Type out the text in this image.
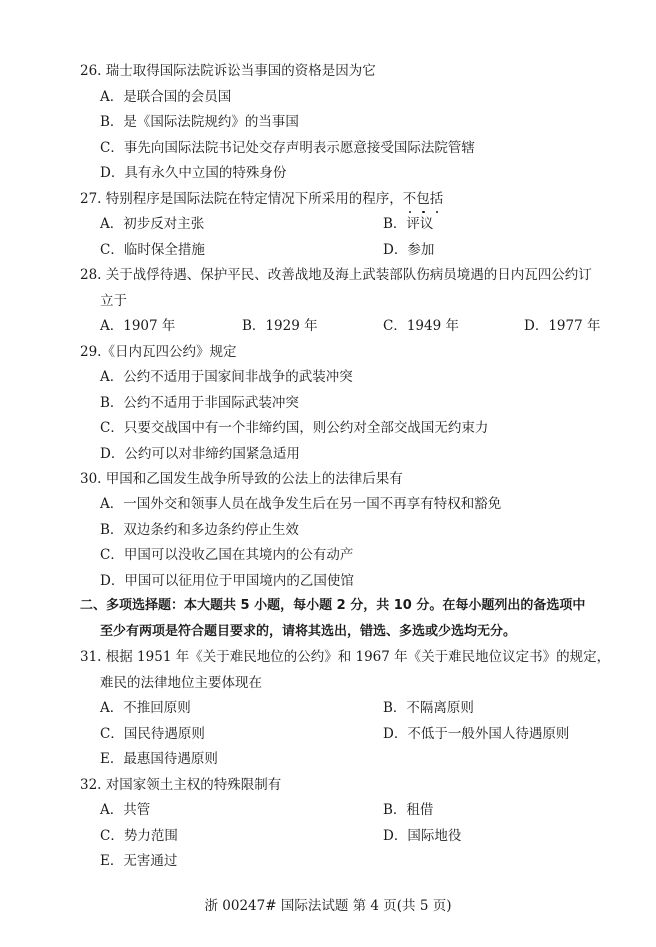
26. 瑞士取得国际法院诉讼当事国的资格是因为它
A．是联合国的会员国
B．是《国际法院规约》的当事国
C．事先向国际法院书记处交存声明表示愿意接受国际法院管辖
D．具有永久中立国的特殊身份
27. 特别程序是国际法院在特定情况下所采用的程序，不包括
A．初步反对主张	B．评议
C．临时保全措施	D．参加
28. 关于战俘待遇、保护平民、改善战地及海上武装部队伤病员境遇的日内瓦四公约订
立于
A．1907 年	B．1929 年	C．1949 年	D．1977 年
29.《日内瓦四公约》规定
A．公约不适用于国家间非战争的武装冲突
B．公约不适用于非国际武装冲突
C．只要交战国中有一个非缔约国，则公约对全部交战国无约束力
D．公约可以对非缔约国紧急适用
30. 甲国和乙国发生战争所导致的公法上的法律后果有
A．一国外交和领事人员在战争发生后在另一国不再享有特权和豁免
B．双边条约和多边条约停止生效
C．甲国可以没收乙国在其境内的公有动产
D．甲国可以征用位于甲国境内的乙国使馆
二、多项选择题：本大题共 5 小题，每小题 2 分，共 10 分。在每小题列出的备选项中
至少有两项是符合题目要求的，请将其选出，错选、多选或少选均无分。
31. 根据 1951 年《关于难民地位的公约》和 1967 年《关于难民地位议定书》的规定，
难民的法律地位主要体现在
A．不推回原则	B．不隔离原则
C．国民待遇原则	D．不低于一般外国人待遇原则
E．最惠国待遇原则
32. 对国家领土主权的特殊限制有
A．共管	B．租借
C．势力范围	D．国际地役
E．无害通过
浙 00247# 国际法试题 第 4 页(共 5 页)
